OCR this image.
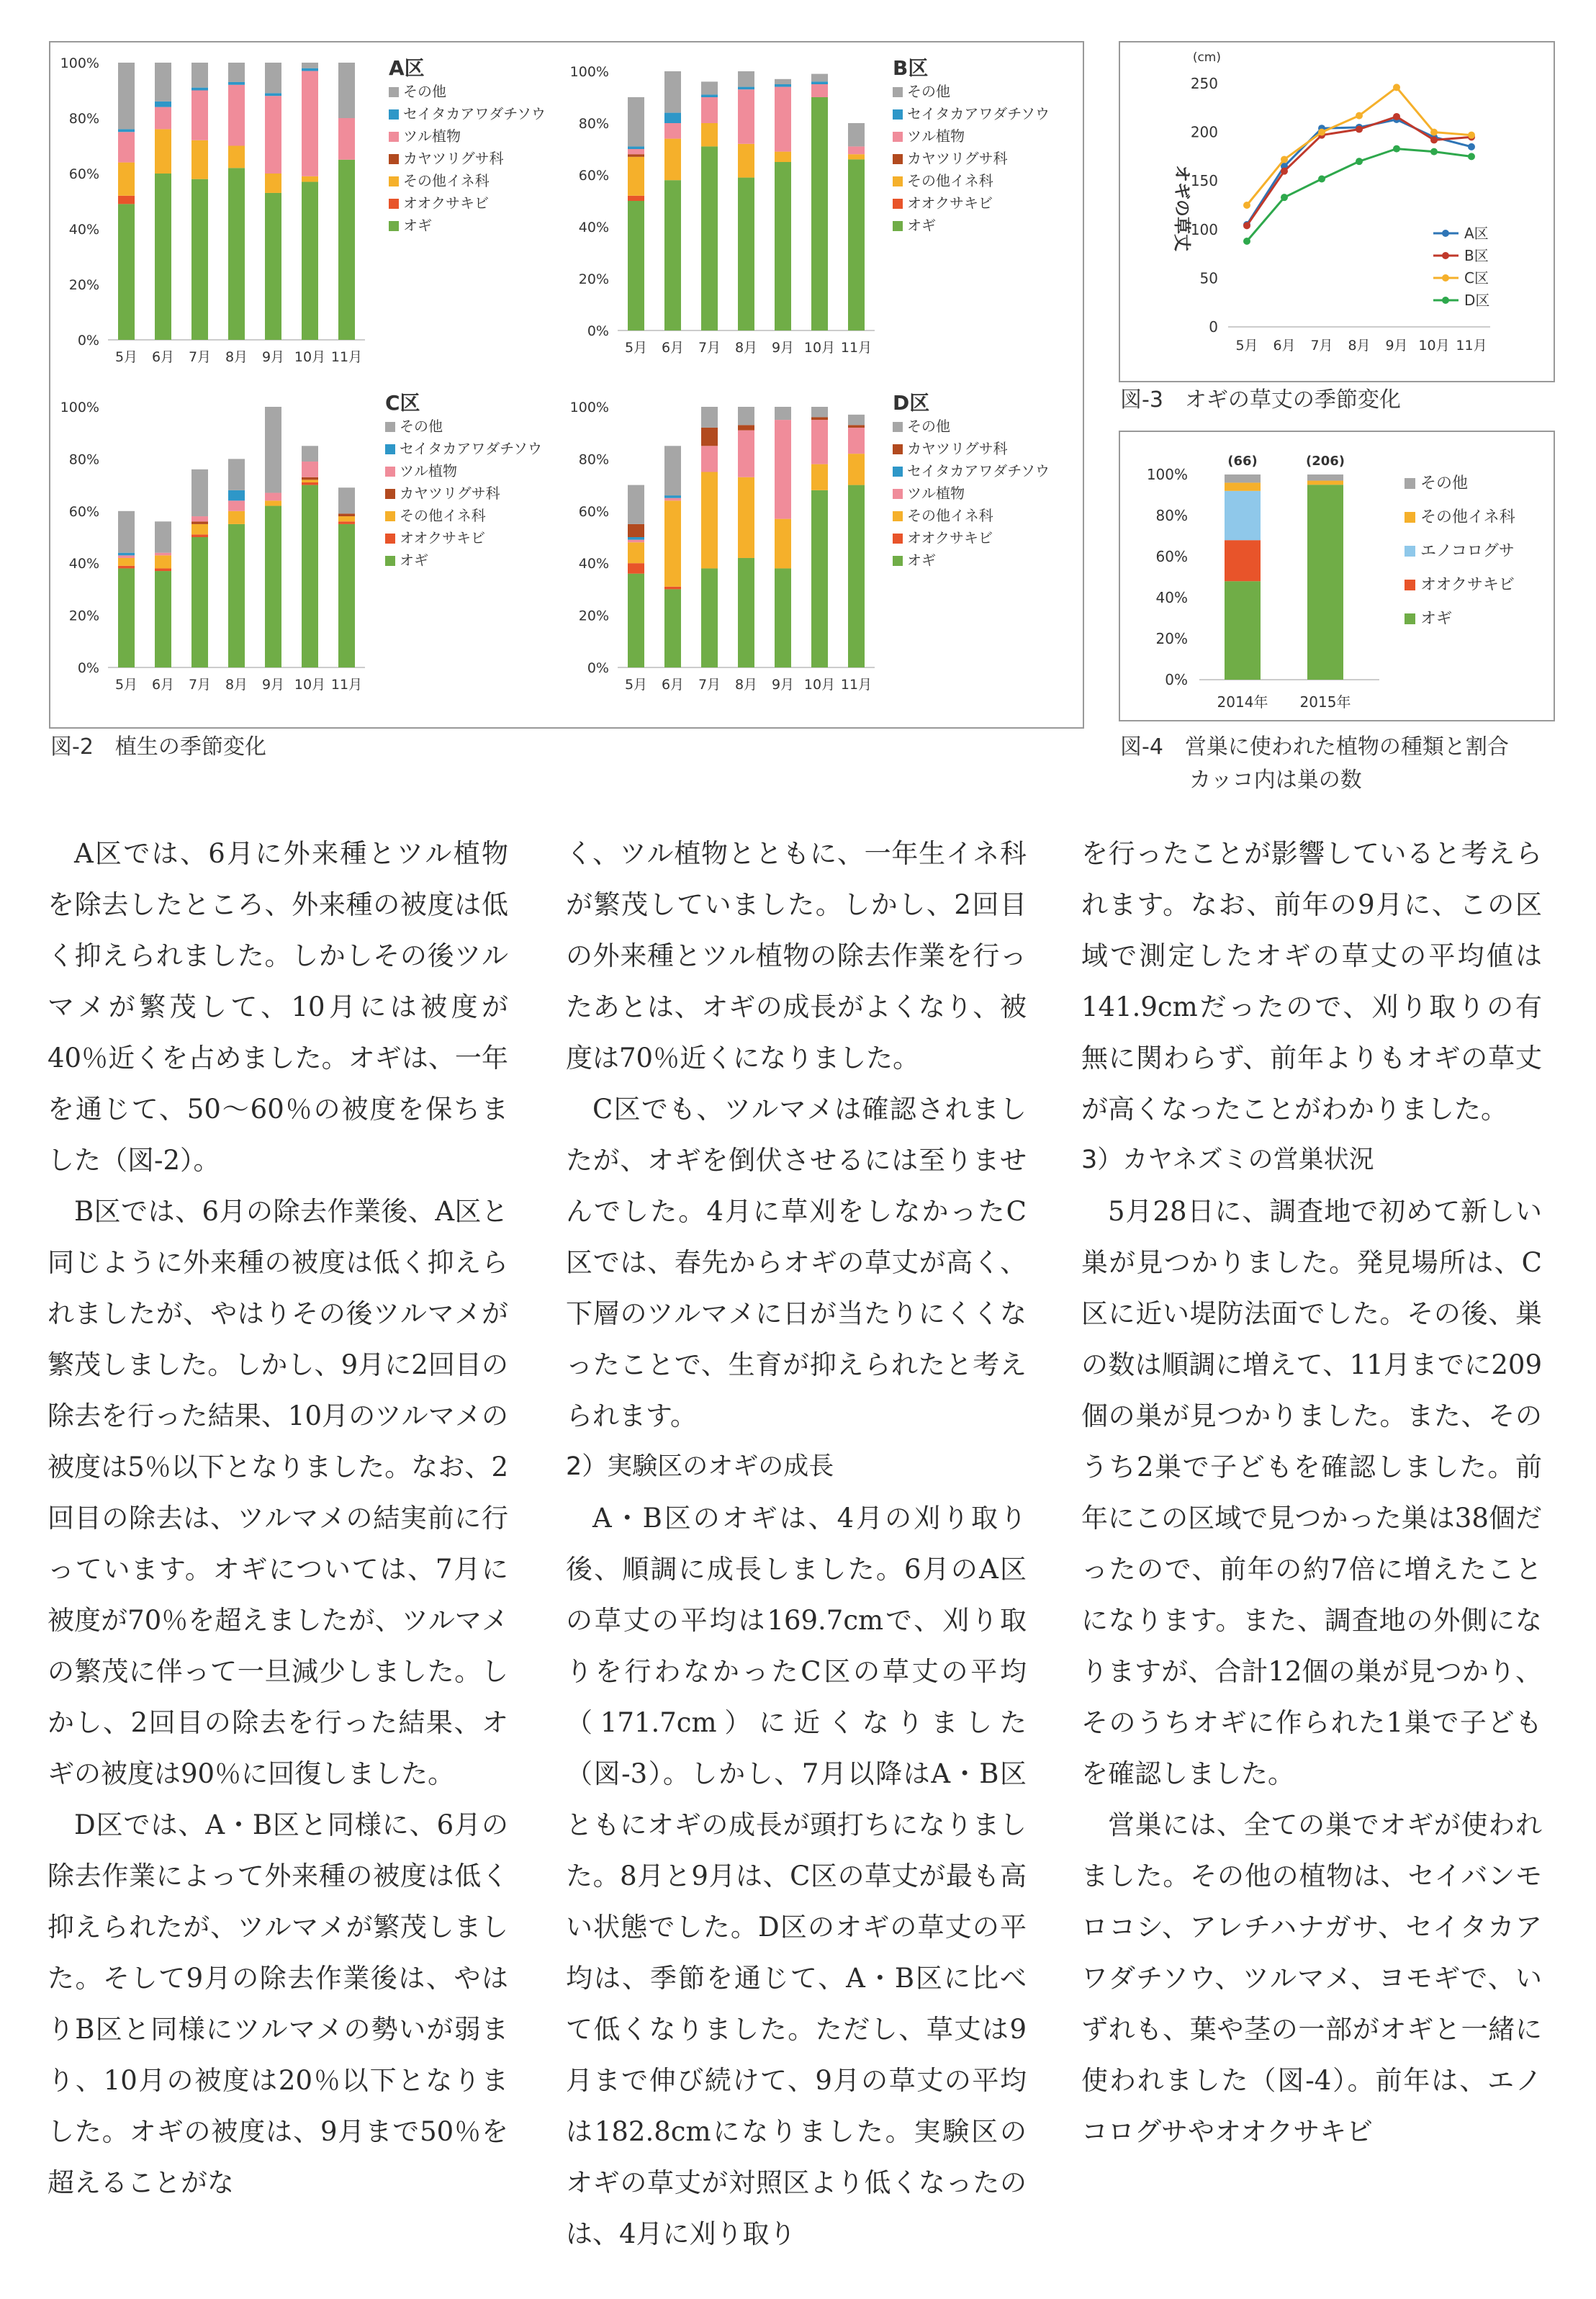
0%
20%
40%
60%
80%
100%
5月 6月 7月 8月 9月 10月 11月
A区
その他
セイタカアワダチソウ
ツル植物
カヤツリグサ科
その他イネ科
オオクサキビ
オギ
0%
20%
40%
60%
80%
100%
5月 6月 7月 8月 9月 10月 11月
B区
その他
セイタカアワダチソウ
ツル植物
カヤツリグサ科
その他イネ科
オオクサキビ
オギ
0%
20%
40%
60%
80%
100%
5月 6月 7月 8月 9月 10月 11月
C区
その他
セイタカアワダチソウ
ツル植物
カヤツリグサ科
その他イネ科
オオクサキビ
オギ
0%
20%
40%
60%
80%
100%
5月 6月 7月 8月 9月 10月 11月
D区
その他
カヤツリグサ科
セイタカアワダチソウ
ツル植物
その他イネ科
オオクサキビ
オギ
図-2　植生の季節変化
(cm)
0
50
100
150
200
250
オギの草丈
5月 6月 7月 8月 9月 10月 11月
A区
B区
C区
D区
図-3　オギの草丈の季節変化
0%
20%
40%
60%
80%
100%
2014年
(66)
2015年
(206)
その他
その他イネ科
エノコログサ
オオクサキビ
オギ
図-4　営巣に使われた植物の種類と割合
カッコ内は巣の数

A区では、6月に外来種とツル植物を除去したところ、外来種の被度は低く抑えられました。しかしその後ツルマメが繁茂して、10月には被度が40％近くを占めました。オギは、一年を通じて、50～60％の被度を保ちました（図-2）。

B区では、6月の除去作業後、A区と同じように外来種の被度は低く抑えられましたが、やはりその後ツルマメが繁茂しました。しかし、9月に2回目の除去を行った結果、10月のツルマメの被度は5％以下となりました。なお、2回目の除去は、ツルマメの結実前に行っています。オギについては、7月に被度が70％を超えましたが、ツルマメの繁茂に伴って一旦減少しました。しかし、2回目の除去を行った結果、オギの被度は90％に回復しました。

D区では、A・B区と同様に、6月の除去作業によって外来種の被度は低く抑えられたが、ツルマメが繁茂しました。そして9月の除去作業後は、やはりB区と同様にツルマメの勢いが弱まり、10月の被度は20％以下となりました。オギの被度は、9月まで50％を超えることがな

く、ツル植物とともに、一年生イネ科が繁茂していました。しかし、2回目の外来種とツル植物の除去作業を行ったあとは、オギの成長がよくなり、被度は70％近くになりました。

C区でも、ツルマメは確認されましたが、オギを倒伏させるには至りませんでした。4月に草刈をしなかったC区では、春先からオギの草丈が高く、下層のツルマメに日が当たりにくくなったことで、生育が抑えられたと考えられます。

2）実験区のオギの成長

A・B区のオギは、4月の刈り取り後、順調に成長しました。6月のA区の草丈の平均は169.7cmで、刈り取りを行わなかったC区の草丈の平均（171.7cm）に近くなりました（図-3）。しかし、7月以降はA・B区ともにオギの成長が頭打ちになりました。8月と9月は、C区の草丈が最も高い状態でした。D区のオギの草丈の平均は、季節を通じて、A・B区に比べて低くなりました。ただし、草丈は9月まで伸び続けて、9月の草丈の平均は182.8cmになりました。実験区のオギの草丈が対照区より低くなったのは、4月に刈り取り

を行ったことが影響していると考えられます。なお、前年の9月に、この区域で測定したオギの草丈の平均値は141.9cmだったので、刈り取りの有無に関わらず、前年よりもオギの草丈が高くなったことがわかりました。

3）カヤネズミの営巣状況

5月28日に、調査地で初めて新しい巣が見つかりました。発見場所は、C区に近い堤防法面でした。その後、巣の数は順調に増えて、11月までに209個の巣が見つかりました。また、そのうち2巣で子どもを確認しました。前年にこの区域で見つかった巣は38個だったので、前年の約7倍に増えたことになります。また、調査地の外側になりますが、合計12個の巣が見つかり、そのうちオギに作られた1巣で子どもを確認しました。

営巣には、全ての巣でオギが使われました。その他の植物は、セイバンモロコシ、アレチハナガサ、セイタカアワダチソウ、ツルマメ、ヨモギで、いずれも、葉や茎の一部がオギと一緒に使われました（図-4）。前年は、エノコログサやオオクサキビ
